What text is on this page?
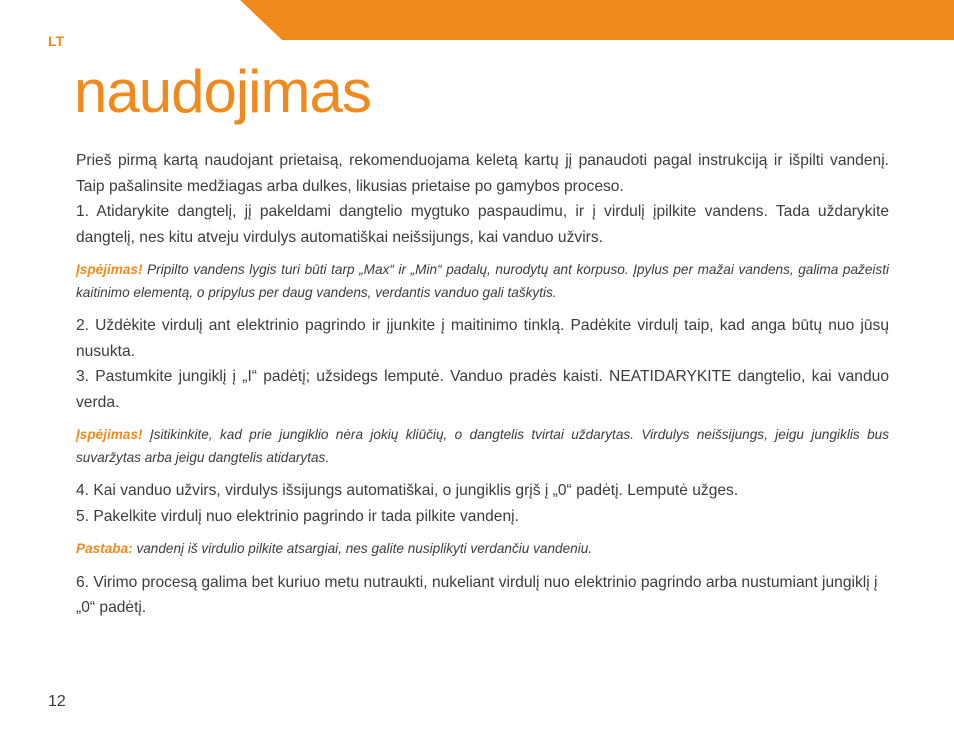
LT
naudojimas

Prieš pirmą kartą naudojant prietaisą, rekomenduojama keletą kartų jį panaudoti pagal instrukciją ir išpilti vandenį. Taip pašalinsite medžiagas arba dulkes, likusias prietaise po gamybos proceso.

1. Atidarykite dangtelį, jį pakeldami dangtelio mygtuko paspaudimu, ir į virdulį įpilkite vandens. Tada uždarykite dangtelį, nes kitu atveju virdulys automatiškai neišsijungs, kai vanduo užvirs.

Įspėjimas! Pripilto vandens lygis turi būti tarp „Max“ ir „Min“ padalų, nurodytų ant korpuso. Įpylus per mažai vandens, galima pažeisti kaitinimo elementą, o pripylus per daug vandens, verdantis vanduo gali taškytis.

2. Uždėkite virdulį ant elektrinio pagrindo ir įjunkite į maitinimo tinklą. Padėkite virdulį taip, kad anga būtų nuo jūsų nusukta.

3. Pastumkite jungiklį į „I“ padėtį; užsidegs lemputė. Vanduo pradės kaisti. NEATIDARYKITE dangtelio, kai vanduo verda.

Įspėjimas! Įsitikinkite, kad prie jungiklio nėra jokių kliūčių, o dangtelis tvirtai uždarytas. Virdulys neišsijungs, jeigu jungiklis bus suvaržytas arba jeigu dangtelis atidarytas.

4. Kai vanduo užvirs, virdulys išsijungs automatiškai, o jungiklis grįš į „0“ padėtį. Lemputė užges.

5. Pakelkite virdulį nuo elektrinio pagrindo ir tada pilkite vandenį.

Pastaba: vandenį iš virdulio pilkite atsargiai, nes galite nusiplikyti verdančiu vandeniu.

6. Virimo procesą galima bet kuriuo metu nutraukti, nukeliant virdulį nuo elektrinio pagrindo arba nustumiant jungiklį į „0“ padėtį.

12
